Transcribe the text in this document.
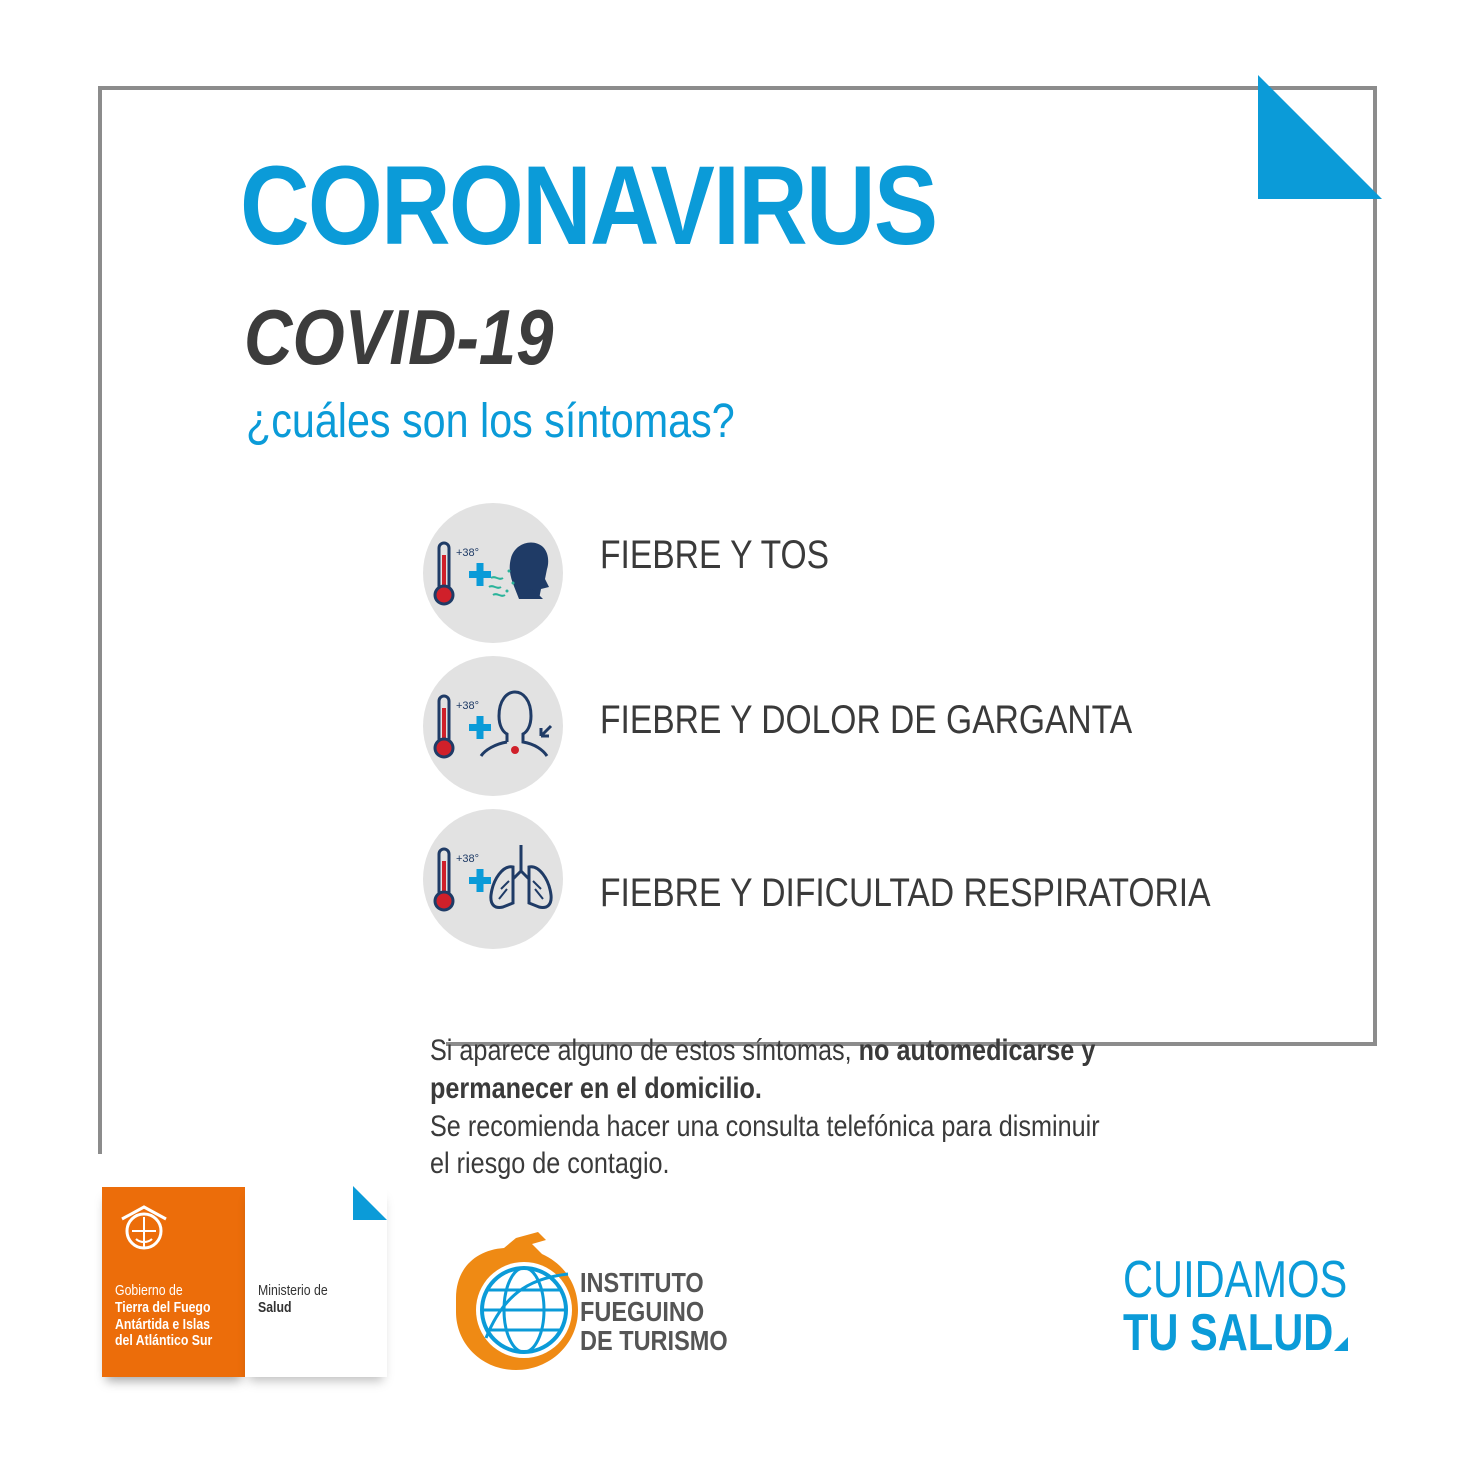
CORONAVIRUS
COVID-19

¿cuáles son los síntomas?

+38°	FIEBRE Y TOS
+38°	FIEBRE Y DOLOR DE GARGANTA
+38°
FIEBRE Y DIFICULTAD RESPIRATORIA

Si aparece alguno de estos síntomas, no automedicarse y permanecer en el domicilio.

Se recomienda hacer una consulta telefónica para disminuir el riesgo de contagio.

Gobierno de
Tierra del Fuego
Antártida e Islas
del Atlántico Sur
Ministerio de
Salud
INSTITUTO
FUEGUINO
DE TURISMO
CUIDAMOS
TU SALUD
